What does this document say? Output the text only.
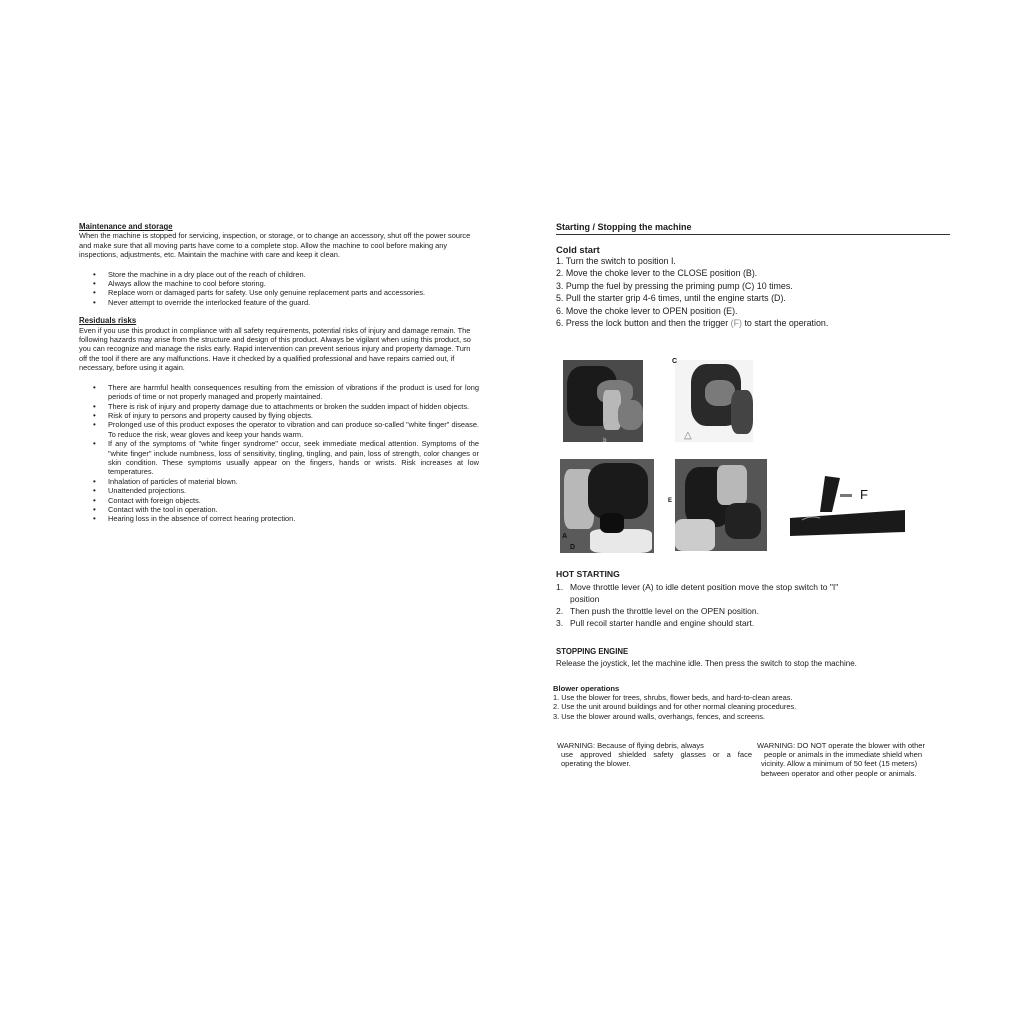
Maintenance and storage
When the machine is stopped for servicing, inspection, or storage, or to change an accessory, shut off the power source and make sure that all moving parts have come to a complete stop. Allow the machine to cool before making any inspections, adjustments, etc. Maintain the machine with care and keep it clean.
• Store the machine in a dry place out of the reach of children.
• Always allow the machine to cool before storing.
• Replace worn or damaged parts for safety. Use only genuine replacement parts and accessories.
• Never attempt to override the interlocked feature of the guard.
Residuals risks
Even if you use this product in compliance with all safety requirements, potential risks of injury and damage remain. The following hazards may arise from the structure and design of this product. Always be vigilant when using this product, so you can recognize and manage the risks early. Rapid intervention can prevent serious injury and property damage. Turn off the tool if there are any malfunctions. Have it checked by a qualified professional and have repairs carried out, if necessary, before using it again.
• There are harmful health consequences resulting from the emission of vibrations if the product is used for long periods of time or not properly managed and properly maintained.
• There is risk of injury and property damage due to attachments or broken the sudden impact of hidden objects.
• Risk of injury to persons and property caused by flying objects.
• Prolonged use of this product exposes the operator to vibration and can produce so-called "white finger" disease. To reduce the risk, wear gloves and keep your hands warm.
• If any of the symptoms of "white finger syndrome" occur, seek immediate medical attention. Symptoms of the "white finger" include numbness, loss of sensitivity, tingling, tingling, and pain, loss of strength, color changes or skin condition. These symptoms usually appear on the fingers, hands or wrists. Risk increases at low temperatures.
• Inhalation of particles of material blown.
• Unattended projections.
• Contact with foreign objects.
• Contact with the tool in operation.
• Hearing loss in the absence of correct hearing protection.
Starting / Stopping the machine
Cold start
1. Turn the switch to position I.
2. Move the choke lever to the CLOSE position (B).
3. Pump the fuel by pressing the priming pump (C) 10 times.
5. Pull the starter grip 4-6 times, until the engine starts (D).
6. Move the choke lever to OPEN position (E).
6. Press the lock button and then the trigger (F) to start the operation.
b
C
△
A
D
E	F
HOT STARTING
1. Move throttle lever (A) to idle detent position move the stop switch to "I"
position
2. Then push the throttle level on the OPEN position.
3. Pull recoil starter handle and engine should start.
STOPPING ENGINE
Release the joystick, let the machine idle. Then press the switch to stop the machine.
Blower operations
1. Use the blower for trees, shrubs, flower beds, and hard-to-clean areas.
2. Use the unit around buildings and for other normal cleaning procedures.
3. Use the blower around walls, overhangs, fences, and screens.
WARNING: Because of flying debris, always
use approved shielded safety glasses or a face
operating the blower.
WARNING: DO NOT operate the blower with other
people or animals in the immediate shield when
vicinity. Allow a minimum of 50 feet (15 meters)
between operator and other people or animals.
